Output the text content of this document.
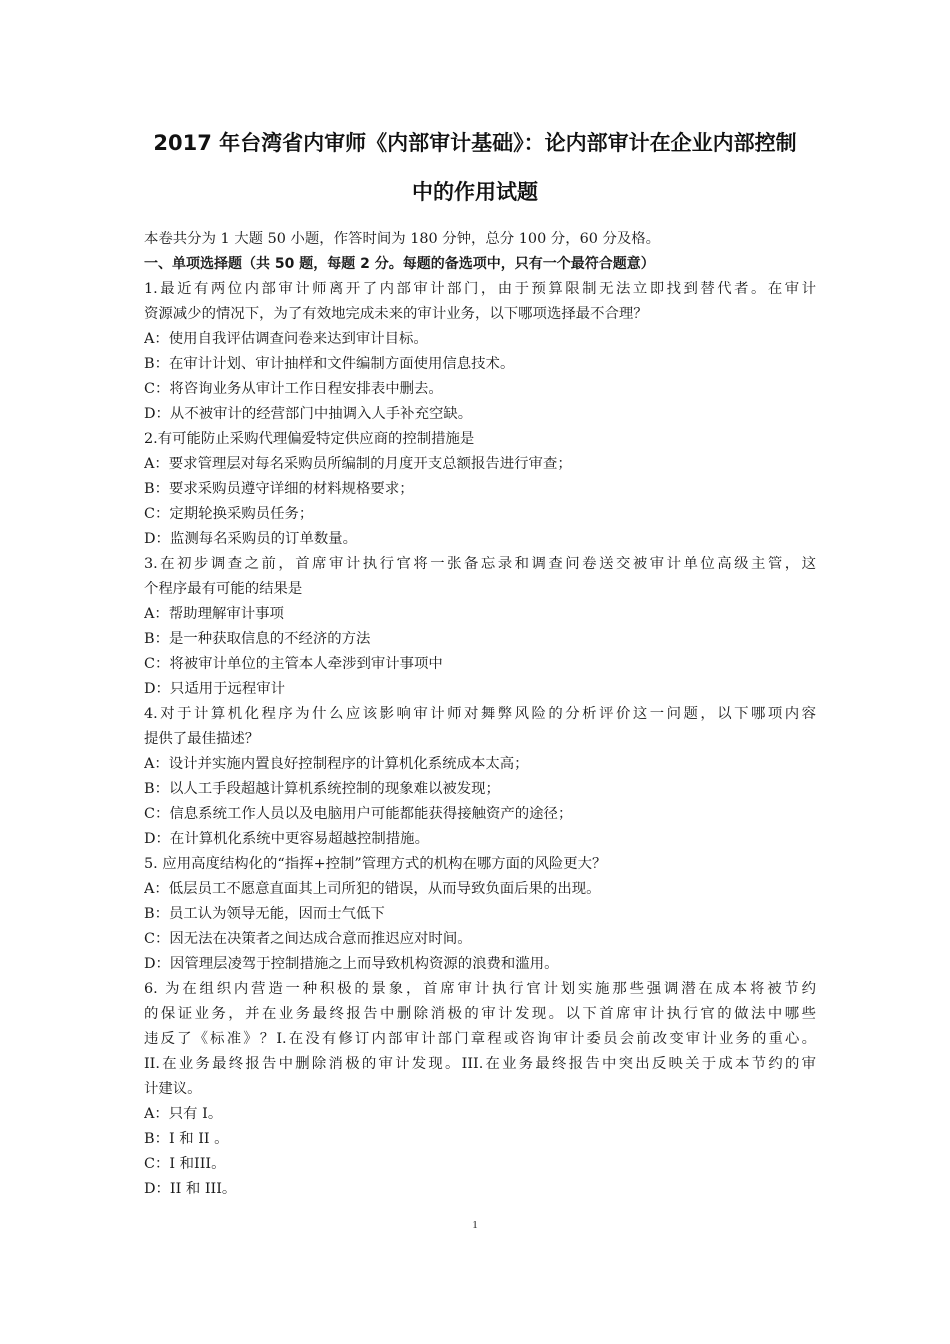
2017 年台湾省内审师《内部审计基础》：论内部审计在企业内部控制
中的作用试题
本卷共分为 1 大题 50 小题，作答时间为 180 分钟，总分 100 分，60 分及格。
一、单项选择题（共 50 题，每题 2 分。每题的备选项中，只有一个最符合题意）
1.最近有两位内部审计师离开了内部审计部门，由于预算限制无法立即找到替代者。在审计
资源减少的情况下，为了有效地完成未来的审计业务，以下哪项选择最不合理？
A：使用自我评估调查问卷来达到审计目标。
B：在审计计划、审计抽样和文件编制方面使用信息技术。
C：将咨询业务从审计工作日程安排表中删去。
D：从不被审计的经营部门中抽调入人手补充空缺。
2.有可能防止采购代理偏爱特定供应商的控制措施是
A：要求管理层对每名采购员所编制的月度开支总额报告进行审查；
B：要求采购员遵守详细的材料规格要求；
C：定期轮换采购员任务；
D：监测每名采购员的订单数量。
3.在初步调查之前，首席审计执行官将一张备忘录和调查问卷送交被审计单位高级主管，这
个程序最有可能的结果是
A：帮助理解审计事项
B：是一种获取信息的不经济的方法
C：将被审计单位的主管本人牵涉到审计事项中
D：只适用于远程审计
4.对于计算机化程序为什么应该影响审计师对舞弊风险的分析评价这一问题，以下哪项内容
提供了最佳描述？
A：设计并实施内置良好控制程序的计算机化系统成本太高；
B：以人工手段超越计算机系统控制的现象难以被发现；
C：信息系统工作人员以及电脑用户可能都能获得接触资产的途径；
D：在计算机化系统中更容易超越控制措施。
5. 应用高度结构化的“指挥+控制”管理方式的机构在哪方面的风险更大？
A：低层员工不愿意直面其上司所犯的错误，从而导致负面后果的出现。
B：员工认为领导无能，因而士气低下
C：因无法在决策者之间达成合意而推迟应对时间。
D：因管理层凌驾于控制措施之上而导致机构资源的浪费和滥用。
6. 为在组织内营造一种积极的景象，首席审计执行官计划实施那些强调潜在成本将被节约
的保证业务，并在业务最终报告中删除消极的审计发现。以下首席审计执行官的做法中哪些
违反了《标准》？I.在没有修订内部审计部门章程或咨询审计委员会前改变审计业务的重心。
II.在业务最终报告中删除消极的审计发现。III.在业务最终报告中突出反映关于成本节约的审
计建议。
A：只有 I。
B：I 和 II 。
C：I 和III。
D：II 和 III。
1
